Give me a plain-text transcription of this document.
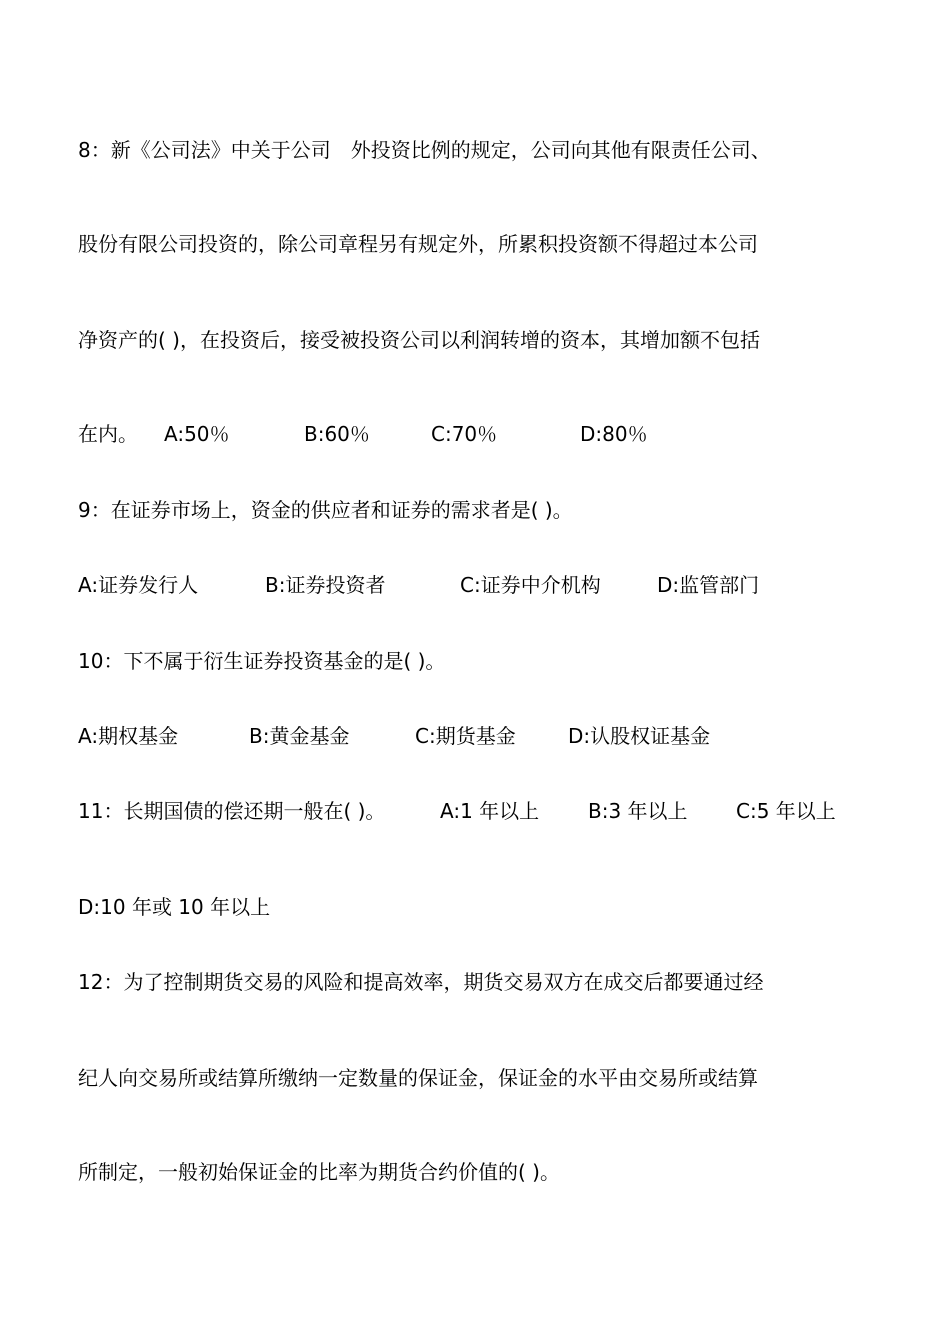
8：新《公司法》中关于公司　外投资比例的规定，公司向其他有限责任公司、
股份有限公司投资的，除公司章程另有规定外，所累积投资额不得超过本公司
净资产的( )，在投资后，接受被投资公司以利润转增的资本，其增加额不包括
在内。 A:50％	B:60％	C:70％	D:80％
9：在证券市场上，资金的供应者和证券的需求者是( )。
A:证券发行人	B:证券投资者	C:证券中介机构	D:监管部门
10：下不属于衍生证券投资基金的是( )。
A:期权基金	B:黄金基金	C:期货基金	D:认股权证基金
11：长期国债的偿还期一般在( )。	A:1 年以上 B:3 年以上 C:5 年以上
D:10 年或 10 年以上
12：为了控制期货交易的风险和提高效率，期货交易双方在成交后都要通过经
纪人向交易所或结算所缴纳一定数量的保证金，保证金的水平由交易所或结算
所制定，一般初始保证金的比率为期货合约价值的( )。
